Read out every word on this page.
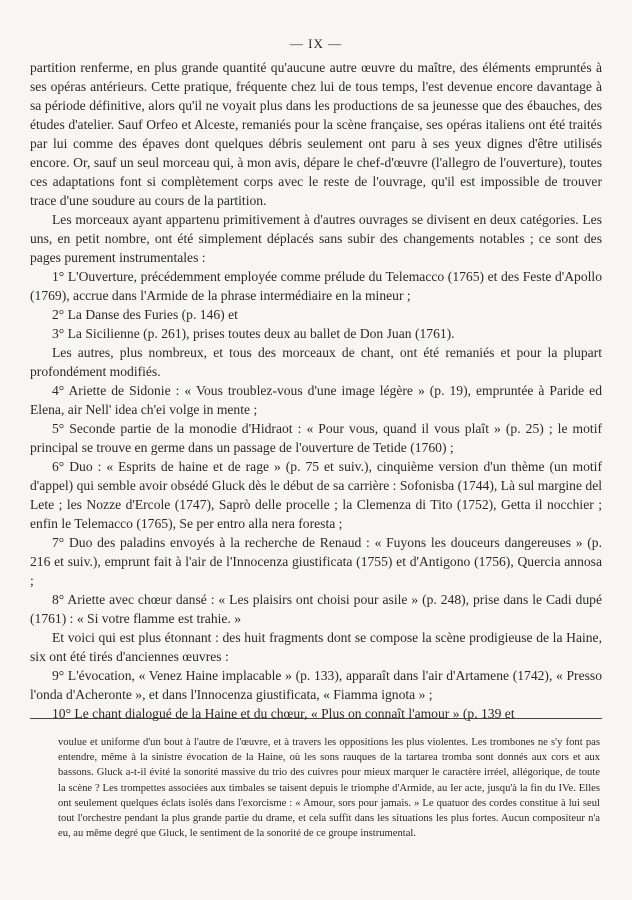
— IX —

partition renferme, en plus grande quantité qu'aucune autre œuvre du maître, des éléments empruntés à ses opéras antérieurs. Cette pratique, fréquente chez lui de tous temps, l'est devenue encore davantage à sa période définitive, alors qu'il ne voyait plus dans les productions de sa jeunesse que des ébauches, des études d'atelier. Sauf Orfeo et Alceste, remaniés pour la scène française, ses opéras italiens ont été traités par lui comme des épaves dont quelques débris seulement ont paru à ses yeux dignes d'être utilisés encore. Or, sauf un seul morceau qui, à mon avis, dépare le chef-d'œuvre (l'allegro de l'ouverture), toutes ces adaptations font si complètement corps avec le reste de l'ouvrage, qu'il est impossible de trouver trace d'une soudure au cours de la partition.

Les morceaux ayant appartenu primitivement à d'autres ouvrages se divisent en deux catégories. Les uns, en petit nombre, ont été simplement déplacés sans subir des changements notables ; ce sont des pages purement instrumentales :

1° L'Ouverture, précédemment employée comme prélude du Telemacco (1765) et des Feste d'Apollo (1769), accrue dans l'Armide de la phrase intermédiaire en la mineur ;

2° La Danse des Furies (p. 146) et

3° La Sicilienne (p. 261), prises toutes deux au ballet de Don Juan (1761).

Les autres, plus nombreux, et tous des morceaux de chant, ont été remaniés et pour la plupart profondément modifiés.

4° Ariette de Sidonie : « Vous troublez-vous d'une image légère » (p. 19), empruntée à Paride ed Elena, air Nell' idea ch'ei volge in mente ;

5° Seconde partie de la monodie d'Hidraot : « Pour vous, quand il vous plaît » (p. 25) ; le motif principal se trouve en germe dans un passage de l'ouverture de Tetide (1760) ;

6° Duo : « Esprits de haine et de rage » (p. 75 et suiv.), cinquième version d'un thème (un motif d'appel) qui semble avoir obsédé Gluck dès le début de sa carrière : Sofonisba (1744), Là sul margine del Lete ; les Nozze d'Ercole (1747), Saprò delle procelle ; la Clemenza di Tito (1752), Getta il nocchier ; enfin le Telemacco (1765), Se per entro alla nera foresta ;

7° Duo des paladins envoyés à la recherche de Renaud : « Fuyons les douceurs dangereuses » (p. 216 et suiv.), emprunt fait à l'air de l'Innocenza giustificata (1755) et d'Antigono (1756), Quercia annosa ;

8° Ariette avec chœur dansé : « Les plaisirs ont choisi pour asile » (p. 248), prise dans le Cadi dupé (1761) : « Si votre flamme est trahie. »

Et voici qui est plus étonnant : des huit fragments dont se compose la scène prodigieuse de la Haine, six ont été tirés d'anciennes œuvres :

9° L'évocation, « Venez Haine implacable » (p. 133), apparaît dans l'air d'Artamene (1742), « Presso l'onda d'Acheronte », et dans l'Innocenza giustificata, « Fiamma ignota » ;

10° Le chant dialogué de la Haine et du chœur, « Plus on connaît l'amour » (p. 139 et

voulue et uniforme d'un bout à l'autre de l'œuvre, et à travers les oppositions les plus violentes. Les trombones ne s'y font pas entendre, même à la sinistre évocation de la Haine, où les sons rauques de la tartarea tromba sont donnés aux cors et aux bassons. Gluck a-t-il évité la sonorité massive du trio des cuivres pour mieux marquer le caractère irréel, allégorique, de toute la scène ? Les trompettes associées aux timbales se taisent depuis le triomphe d'Armide, au Ier acte, jusqu'à la fin du IVe. Elles ont seulement quelques éclats isolés dans l'exorcisme : « Amour, sors pour jamais. » Le quatuor des cordes constitue à lui seul tout l'orchestre pendant la plus grande partie du drame, et cela suffit dans les situations les plus fortes. Aucun compositeur n'a eu, au même degré que Gluck, le sentiment de la sonorité de ce groupe instrumental.
